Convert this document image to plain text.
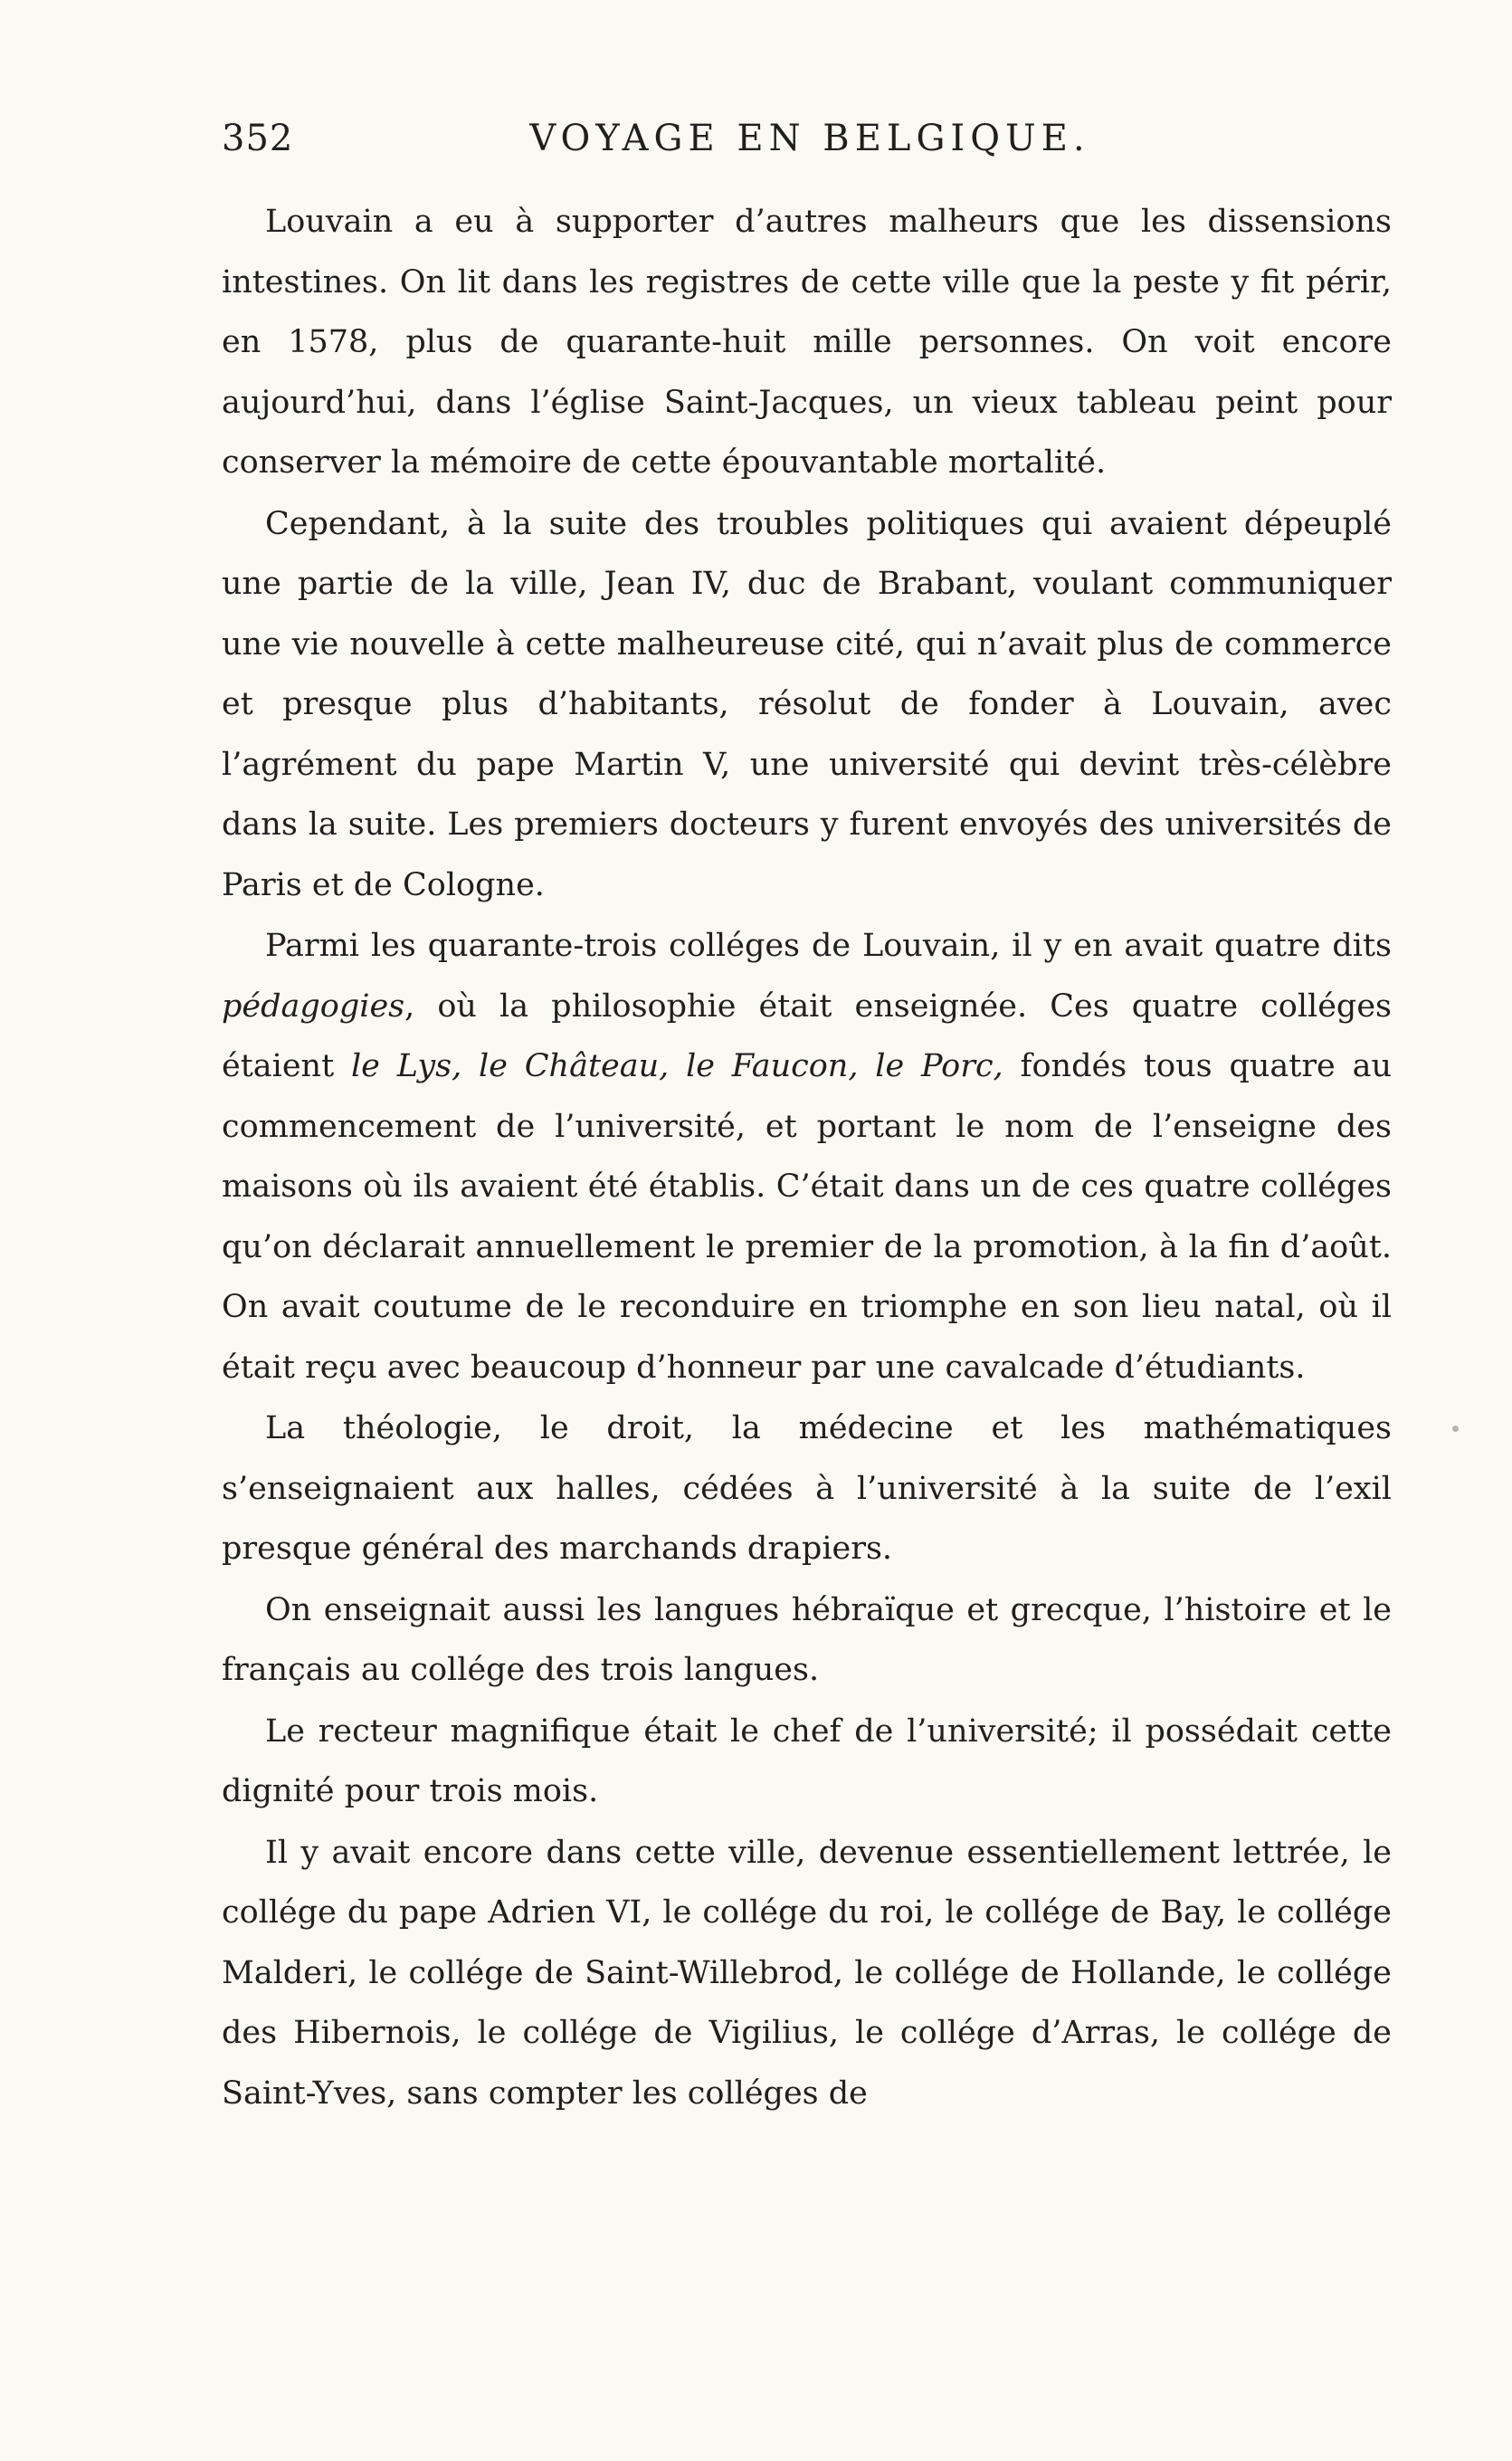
352	VOYAGE EN BELGIQUE.

Louvain a eu à supporter d’autres malheurs que les dissensions intestines. On lit dans les registres de cette ville que la peste y fit périr, en 1578, plus de quarante-huit mille personnes. On voit encore aujourd’hui, dans l’église Saint-Jacques, un vieux tableau peint pour conserver la mémoire de cette épouvantable mortalité.

Cependant, à la suite des troubles politiques qui avaient dépeuplé une partie de la ville, Jean IV, duc de Brabant, voulant communiquer une vie nouvelle à cette malheureuse cité, qui n’avait plus de commerce et presque plus d’habitants, résolut de fonder à Louvain, avec l’agrément du pape Martin V, une université qui devint très-célèbre dans la suite. Les premiers docteurs y furent envoyés des universités de Paris et de Cologne.

Parmi les quarante-trois colléges de Louvain, il y en avait quatre dits pédagogies, où la philosophie était enseignée. Ces quatre colléges étaient le Lys, le Château, le Faucon, le Porc, fondés tous quatre au commencement de l’université, et portant le nom de l’enseigne des maisons où ils avaient été établis. C’était dans un de ces quatre colléges qu’on déclarait annuellement le premier de la promotion, à la fin d’août. On avait coutume de le reconduire en triomphe en son lieu natal, où il était reçu avec beaucoup d’honneur par une cavalcade d’étudiants.

La théologie, le droit, la médecine et les mathématiques s’enseignaient aux halles, cédées à l’université à la suite de l’exil presque général des marchands drapiers.

On enseignait aussi les langues hébraïque et grecque, l’histoire et le français au collége des trois langues.

Le recteur magnifique était le chef de l’université; il possédait cette dignité pour trois mois.

Il y avait encore dans cette ville, devenue essentiellement lettrée, le collége du pape Adrien VI, le collége du roi, le collége de Bay, le collége Malderi, le collége de Saint-Willebrod, le collége de Hollande, le collége des Hibernois, le collége de Vigilius, le collége d’Arras, le collége de Saint-Yves, sans compter les colléges de
